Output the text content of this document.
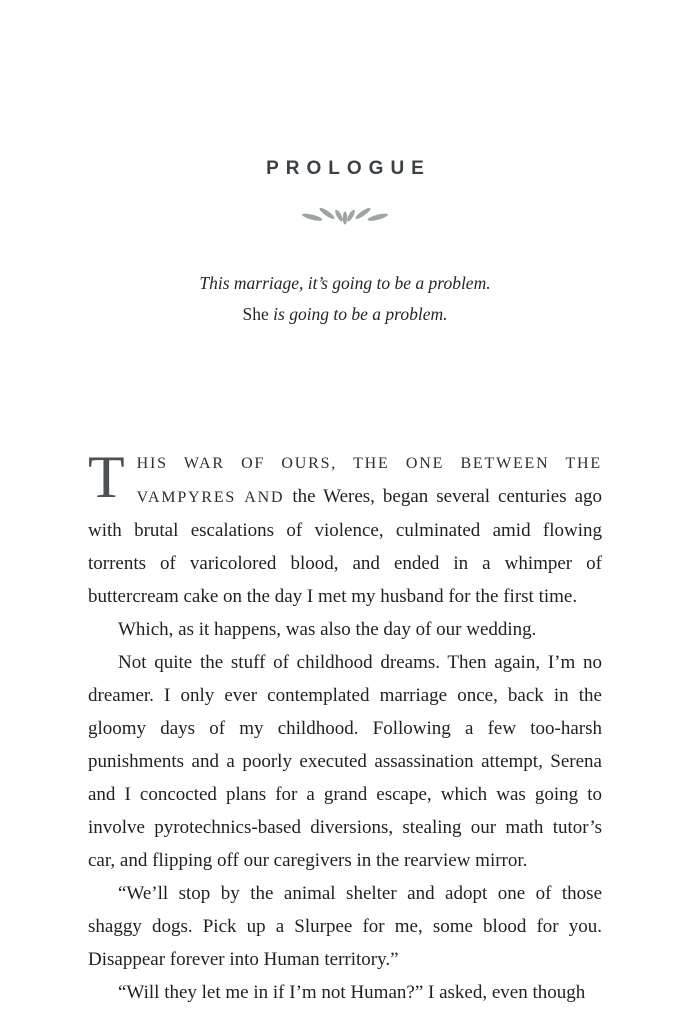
PROLOGUE
This marriage, it’s going to be a problem.
She is going to be a problem.

THIS WAR OF OURS, THE ONE BETWEEN THE VAMPYRES AND the Weres, began several centuries ago with brutal escalations of violence, culminated amid flowing torrents of varicolored blood, and ended in a whimper of buttercream cake on the day I met my husband for the first time.

Which, as it happens, was also the day of our wedding.

Not quite the stuff of childhood dreams. Then again, I’m no dreamer. I only ever contemplated marriage once, back in the gloomy days of my childhood. Following a few too-harsh punishments and a poorly executed assassination attempt, Serena and I concocted plans for a grand escape, which was going to involve pyrotechnics-based diversions, stealing our math tutor’s car, and flipping off our caregivers in the rearview mirror.

“We’ll stop by the animal shelter and adopt one of those shaggy dogs. Pick up a Slurpee for me, some blood for you. Disappear forever into Human territory.”

“Will they let me in if I’m not Human?” I asked, even though
